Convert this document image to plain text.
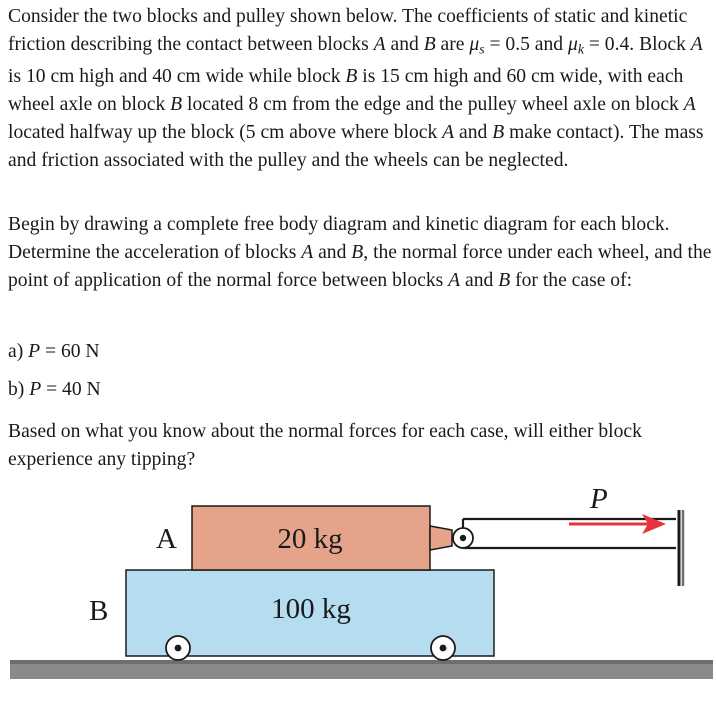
Consider the two blocks and pulley shown below. The coefficients of static and kinetic friction describing the contact between blocks A and B are $\mu_s = 0.5$ and $\mu_k = 0.4$. Block A is 10 cm high and 40 cm wide while block B is 15 cm high and 60 cm wide, with each wheel axle on block B located 8 cm from the edge and the pulley wheel axle on block A located halfway up the block (5 cm above where block A and B make contact). The mass and friction associated with the pulley and the wheels can be neglected.

Begin by drawing a complete free body diagram and kinetic diagram for each block. Determine the acceleration of blocks A and B, the normal force under each wheel, and the point of application of the normal force between blocks A and B for the case of:

a) P = 60 N

b) P = 40 N

Based on what you know about the normal forces for each case, will either block experience any tipping?

A
B
20 kg
100 kg
P
